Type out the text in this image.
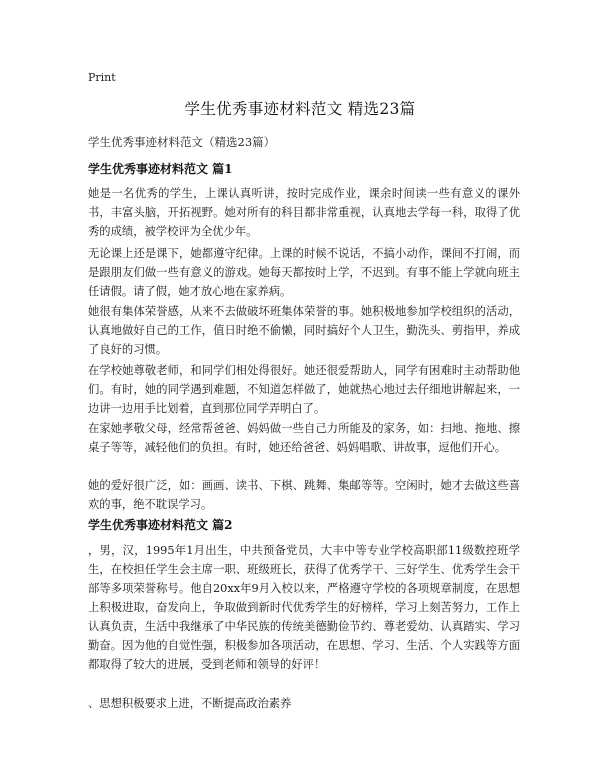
Print
学生优秀事迹材料范文 精选23篇
学生优秀事迹材料范文（精选23篇）
学生优秀事迹材料范文 篇1
她是一名优秀的学生，上课认真听讲，按时完成作业，课余时间读一些有意义的课外书，丰富头脑，开拓视野。她对所有的科目都非常重视，认真地去学每一科，取得了优秀的成绩，被学校评为全优少年。
无论课上还是课下，她都遵守纪律。上课的时候不说话，不搞小动作，课间不打闹，而是跟朋友们做一些有意义的游戏。她每天都按时上学，不迟到。有事不能上学就向班主任请假。请了假，她才放心地在家养病。
她很有集体荣誉感，从来不去做破坏班集体荣誉的事。她积极地参加学校组织的活动，认真地做好自己的工作，值日时绝不偷懒，同时搞好个人卫生，勤洗头、剪指甲，养成了良好的习惯。
在学校她尊敬老师，和同学们相处得很好。她还很爱帮助人，同学有困难时主动帮助他们。有时，她的同学遇到难题，不知道怎样做了，她就热心地过去仔细地讲解起来，一边讲一边用手比划着，直到那位同学弄明白了。
在家她孝敬父母，经常帮爸爸、妈妈做一些自己力所能及的家务，如：扫地、拖地、擦桌子等等，减轻他们的负担。有时，她还给爸爸、妈妈唱歌、讲故事，逗他们开心。
她的爱好很广泛，如：画画、读书、下棋、跳舞、集邮等等。空闲时，她才去做这些喜欢的事，绝不耽误学习。
学生优秀事迹材料范文 篇2
，男，汉，1995年1月出生，中共预备党员，大丰中等专业学校高职部11级数控班学生，在校担任学生会主席一职、班级班长，获得了优秀学干、三好学生、优秀学生会干部等多项荣誉称号。他自20xx年9月入校以来，严格遵守学校的各项规章制度，在思想上积极进取，奋发向上，争取做到新时代优秀学生的好榜样，学习上刻苦努力，工作上认真负责，生活中我继承了中华民族的传统美德勤俭节约、尊老爱幼、认真踏实、学习勤奋。因为他的自觉性强，积极参加各项活动，在思想、学习、生活、个人实践等方面都取得了较大的进展，受到老师和领导的好评！
、思想积极要求上进，不断提高政治素养
